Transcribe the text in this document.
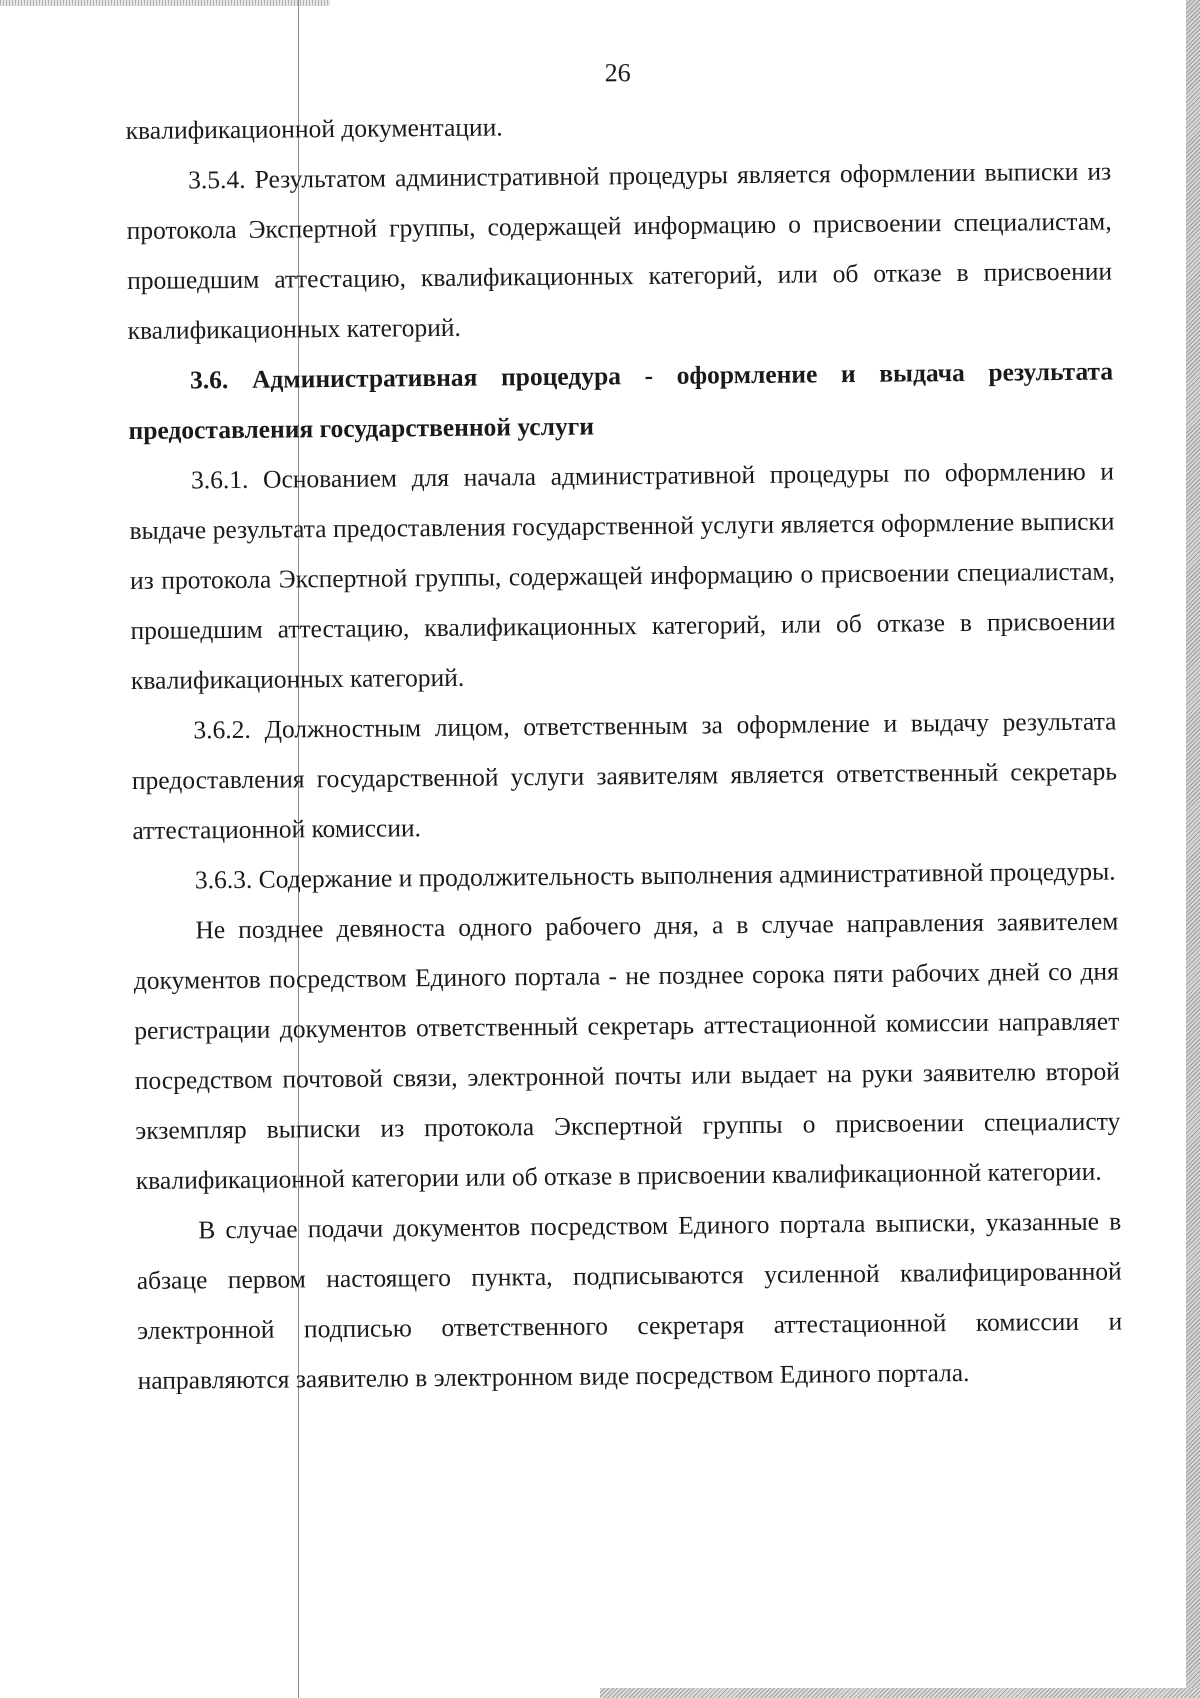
26

квалификационной документации.

3.5.4. Результатом административной процедуры является оформлении выписки из протокола Экспертной группы, содержащей информацию о присвоении специалистам, прошедшим аттестацию, квалификационных категорий, или об отказе в присвоении квалификационных категорий.

3.6. Административная процедура - оформление и выдача результата предоставления государственной услуги

3.6.1. Основанием для начала административной процедуры по оформлению и выдаче результата предоставления государственной услуги является оформление выписки из протокола Экспертной группы, содержащей информацию о присвоении специалистам, прошедшим аттестацию, квалификационных категорий, или об отказе в присвоении квалификационных категорий.

3.6.2. Должностным лицом, ответственным за оформление и выдачу результата предоставления государственной услуги заявителям является ответственный секретарь аттестационной комиссии.

3.6.3. Содержание и продолжительность выполнения административной процедуры.

Не позднее девяноста одного рабочего дня, а в случае направления заявителем документов посредством Единого портала - не позднее сорока пяти рабочих дней со дня регистрации документов ответственный секретарь аттестационной комиссии направляет посредством почтовой связи, электронной почты или выдает на руки заявителю второй экземпляр выписки из протокола Экспертной группы о присвоении специалисту квалификационной категории или об отказе в присвоении квалификационной категории.

В случае подачи документов посредством Единого портала выписки, указанные в абзаце первом настоящего пункта, подписываются усиленной квалифицированной электронной подписью ответственного секретаря аттестационной комиссии и направляются заявителю в электронном виде посредством Единого портала.
